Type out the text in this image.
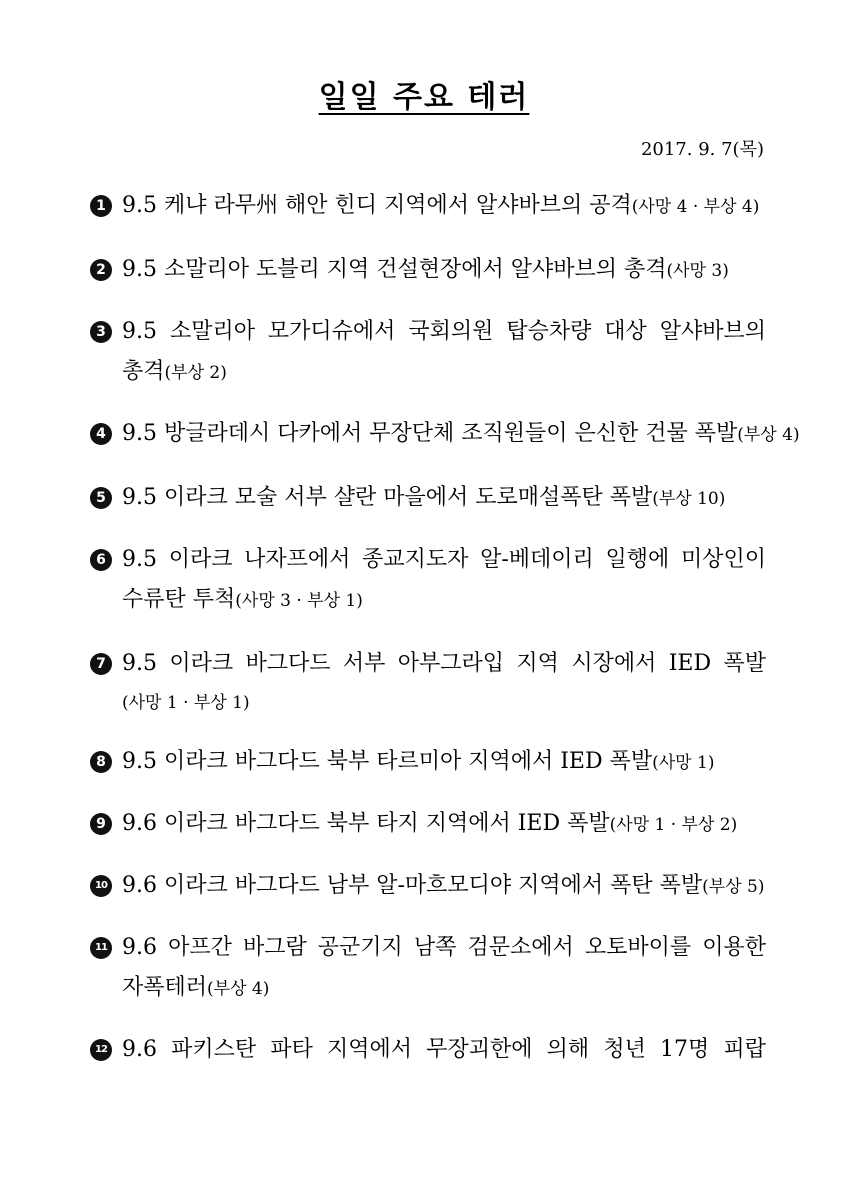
일일 주요 테러
2017. 9. 7(목)
1 9.5 케냐 라무州 해안 힌디 지역에서 알샤바브의 공격(사망 4 · 부상 4)
2 9.5 소말리아 도블리 지역 건설현장에서 알샤바브의 총격(사망 3)
3 9.5 소말리아 모가디슈에서 국회의원 탑승차량 대상 알샤바브의
총격(부상 2)
4 9.5 방글라데시 다카에서 무장단체 조직원들이 은신한 건물 폭발(부상 4)
5 9.5 이라크 모술 서부 샬란 마을에서 도로매설폭탄 폭발(부상 10)
6 9.5 이라크 나자프에서 종교지도자 알-베데이리 일행에 미상인이
수류탄 투척(사망 3 · 부상 1)
7 9.5 이라크 바그다드 서부 아부그라입 지역 시장에서 IED 폭발
(사망 1 · 부상 1)
8 9.5 이라크 바그다드 북부 타르미아 지역에서 IED 폭발(사망 1)
9 9.6 이라크 바그다드 북부 타지 지역에서 IED 폭발(사망 1 · 부상 2)
10 9.6 이라크 바그다드 남부 알-마흐모디야 지역에서 폭탄 폭발(부상 5)
11 9.6 아프간 바그람 공군기지 남쪽 검문소에서 오토바이를 이용한
자폭테러(부상 4)
12 9.6 파키스탄 파타 지역에서 무장괴한에 의해 청년 17명 피랍
